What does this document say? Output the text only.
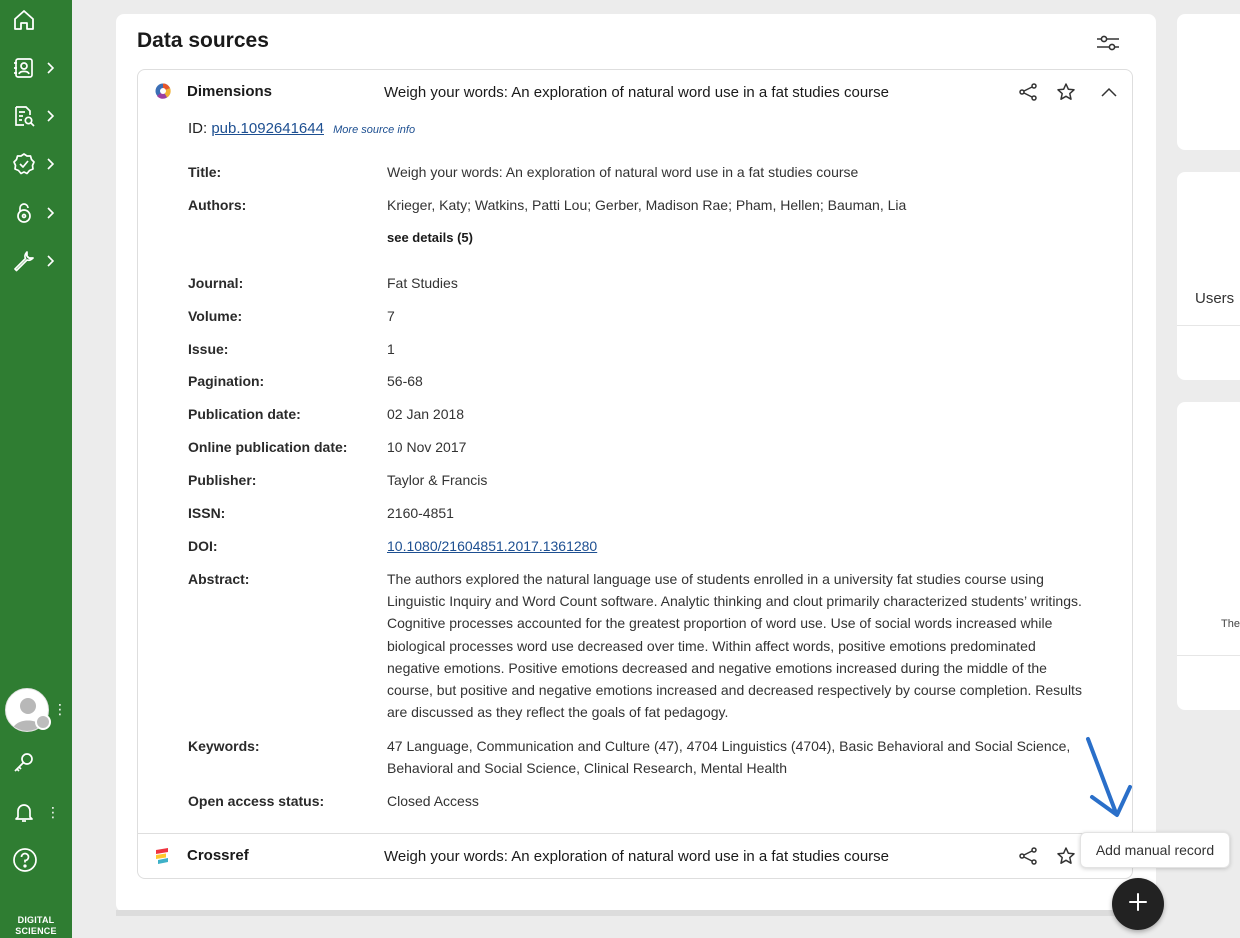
⋮
⋮
DIGITAL
SCIENCE
Data sources
Dimensions	Weigh your words: An exploration of natural word use in a fat studies course
ID: pub.1092641644 More source info
Title:	Weigh your words: An exploration of natural word use in a fat studies course
Authors:	Krieger, Katy; Watkins, Patti Lou; Gerber, Madison Rae; Pham, Hellen; Bauman, Lia
see details (5)
Journal:	Fat Studies
Volume:	7
Issue:	1
Pagination:	56-68
Publication date:	02 Jan 2018
Online publication date:	10 Nov 2017
Publisher:	Taylor & Francis
ISSN:	2160-4851
DOI:	10.1080/21604851.2017.1361280
Abstract:	The authors explored the natural language use of students enrolled in a university fat studies course using Linguistic Inquiry and Word Count software. Analytic thinking and clout primarily characterized students’ writings. Cognitive processes accounted for the greatest proportion of word use. Use of social words increased while biological processes word use decreased over time. Within affect words, positive emotions predominated negative emotions. Positive emotions decreased and negative emotions increased during the middle of the course, but positive and negative emotions increased and decreased respectively by course completion. Results are discussed as they reflect the goals of fat pedagogy.
Keywords:	47 Language, Communication and Culture (47), 4704 Linguistics (4704), Basic Behavioral and Social Science, Behavioral and Social Science, Clinical Research, Mental Health
Open access status:	Closed Access
Crossref	Weigh your words: An exploration of natural word use in a fat studies course
Users
The
Add manual record
